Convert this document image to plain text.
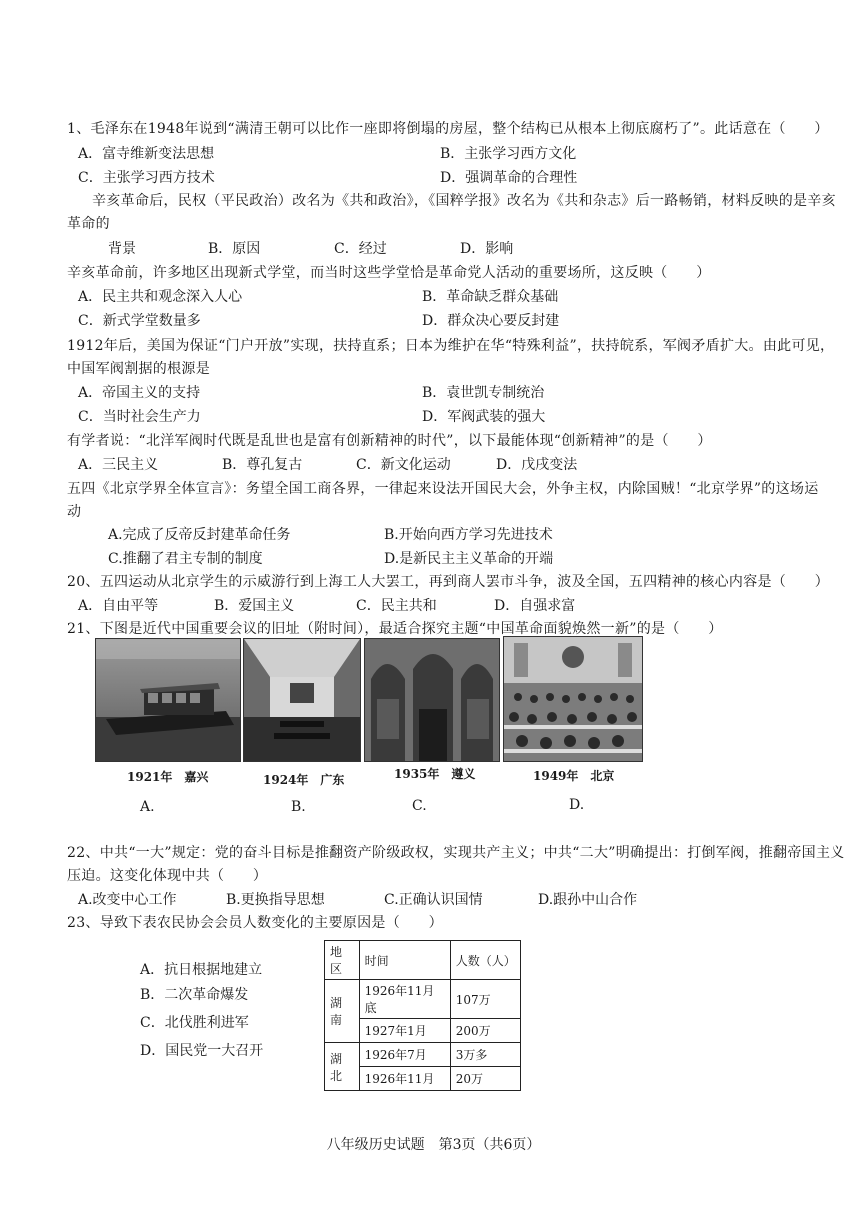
1、毛泽东在1948年说到“满清王朝可以比作一座即将倒塌的房屋，整个结构已从根本上彻底腐朽了”。此话意在（　　）
A．富寺维新变法思想	B．主张学习西方文化
C．主张学习西方技术	D．强调革命的合理性
辛亥革命后，民权（平民政治）改名为《共和政治》，《国粹学报》改名为《共和杂志》后一路畅销，材料反映的是辛亥
革命的
背景	B．原因	C．经过	D．影响
辛亥革命前，许多地区出现新式学堂，而当时这些学堂恰是革命党人活动的重要场所，这反映（　　）
A．民主共和观念深入人心	B．革命缺乏群众基础
C．新式学堂数量多	D．群众决心要反封建
1912年后，美国为保证“门户开放”实现，扶持直系；日本为维护在华“特殊利益”，扶持皖系，军阀矛盾扩大。由此可见，
中国军阀割据的根源是
A．帝国主义的支持	B．袁世凯专制统治
C．当时社会生产力	D．军阀武装的强大
有学者说：“北洋军阀时代既是乱世也是富有创新精神的时代”，以下最能体现“创新精神”的是（　　）
A．三民主义	B．尊孔复古	C．新文化运动	D．戊戌变法
五四《北京学界全体宣言》：务望全国工商各界，一律起来设法开国民大会，外争主权，内除国贼！“北京学界”的这场运
动
A.完成了反帝反封建革命任务	B.开始向西方学习先进技术
C.推翻了君主专制的制度	D.是新民主主义革命的开端
20、五四运动从北京学生的示威游行到上海工人大罢工，再到商人罢市斗争，波及全国，五四精神的核心内容是（　　）
A．自由平等	B．爱国主义	C．民主共和	D．自强求富
21、下图是近代中国重要会议的旧址（附时间），最适合探究主题“中国革命面貌焕然一新”的是（　　）
1921年　嘉兴	1924年　广东	1935年　遵义	1949年　北京
A.	B.	C.	D.
22、中共“一大”规定：党的奋斗目标是推翻资产阶级政权，实现共产主义；中共“二大”明确提出：打倒军阀，推翻帝国主义
压迫。这变化体现中共（　　）
A.改变中心工作	B.更换指导思想	C.正确认识国情	D.跟孙中山合作
23、导致下表农民协会会员人数变化的主要原因是（　　）
A．抗日根据地建立
B．二次革命爆发
C．北伐胜利进军
D．国民党一大召开
地区	时间	人数（人）
湖南	1926年11月底	107万
	1927年1月	200万
湖北	1926年7月	3万多
	1926年11月	20万
八年级历史试题　第3页（共6页）
